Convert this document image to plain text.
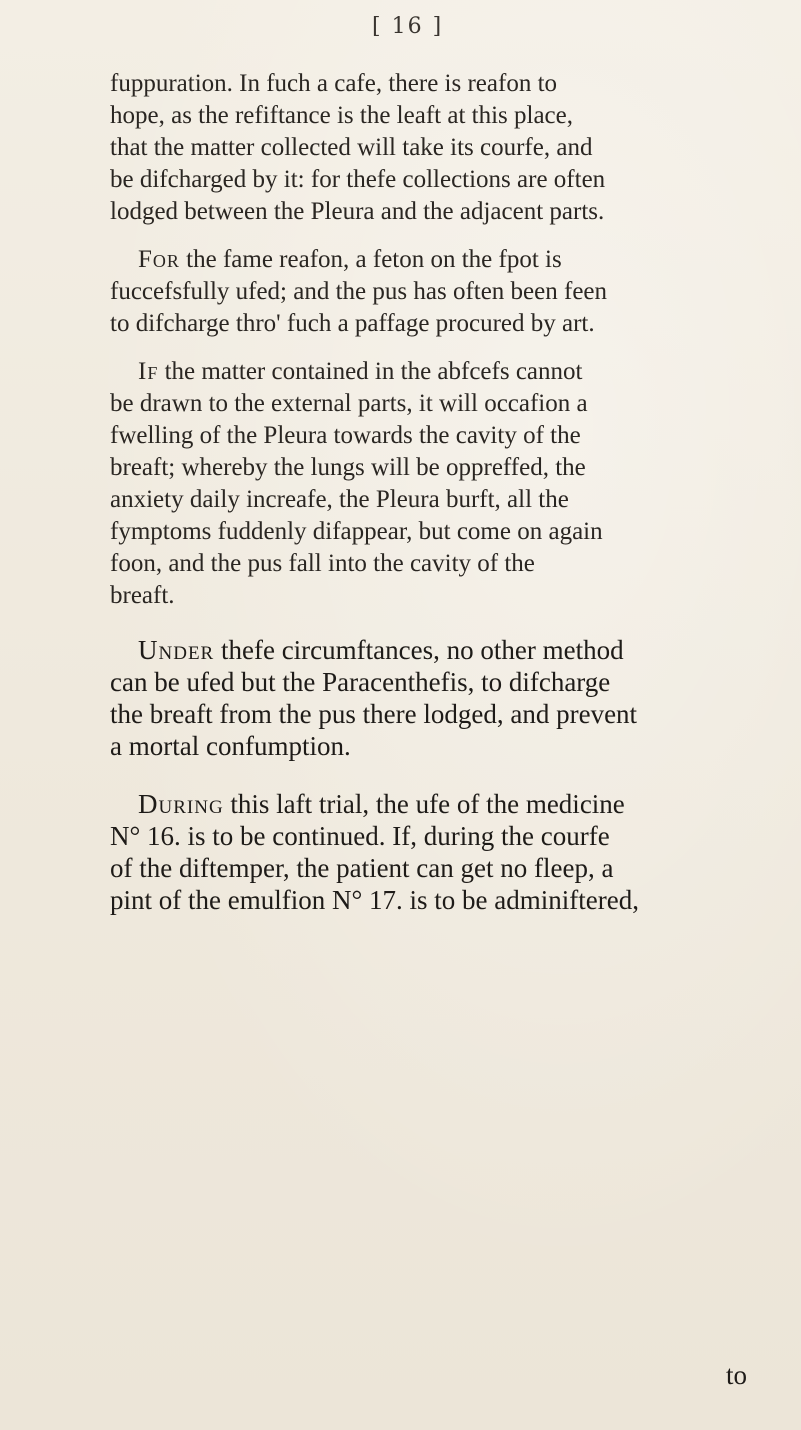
[ 16 ]
fuppuration. In fuch a cafe, there is reafon to
hope, as the refiftance is the leaft at this place,
that the matter collected will take its courfe, and
be difcharged by it: for thefe collections are often
lodged between the Pleura and the adjacent parts.
For the fame reafon, a feton on the fpot is
fuccefsfully ufed; and the pus has often been feen
to difcharge thro' fuch a paffage procured by art.
If the matter contained in the abfcefs cannot
be drawn to the external parts, it will occafion a
fwelling of the Pleura towards the cavity of the
breaft; whereby the lungs will be oppreffed, the
anxiety daily increafe, the Pleura burft, all the
fymptoms fuddenly difappear, but come on again
foon, and the pus fall into the cavity of the
breaft.
Under thefe circumftances, no other method
can be ufed but the Paracenthefis, to difcharge
the breaft from the pus there lodged, and prevent
a mortal confumption.
During this laft trial, the ufe of the medicine
N° 16. is to be continued. If, during the courfe
of the diftemper, the patient can get no fleep, a
pint of the emulfion N° 17. is to be adminiftered,
to
